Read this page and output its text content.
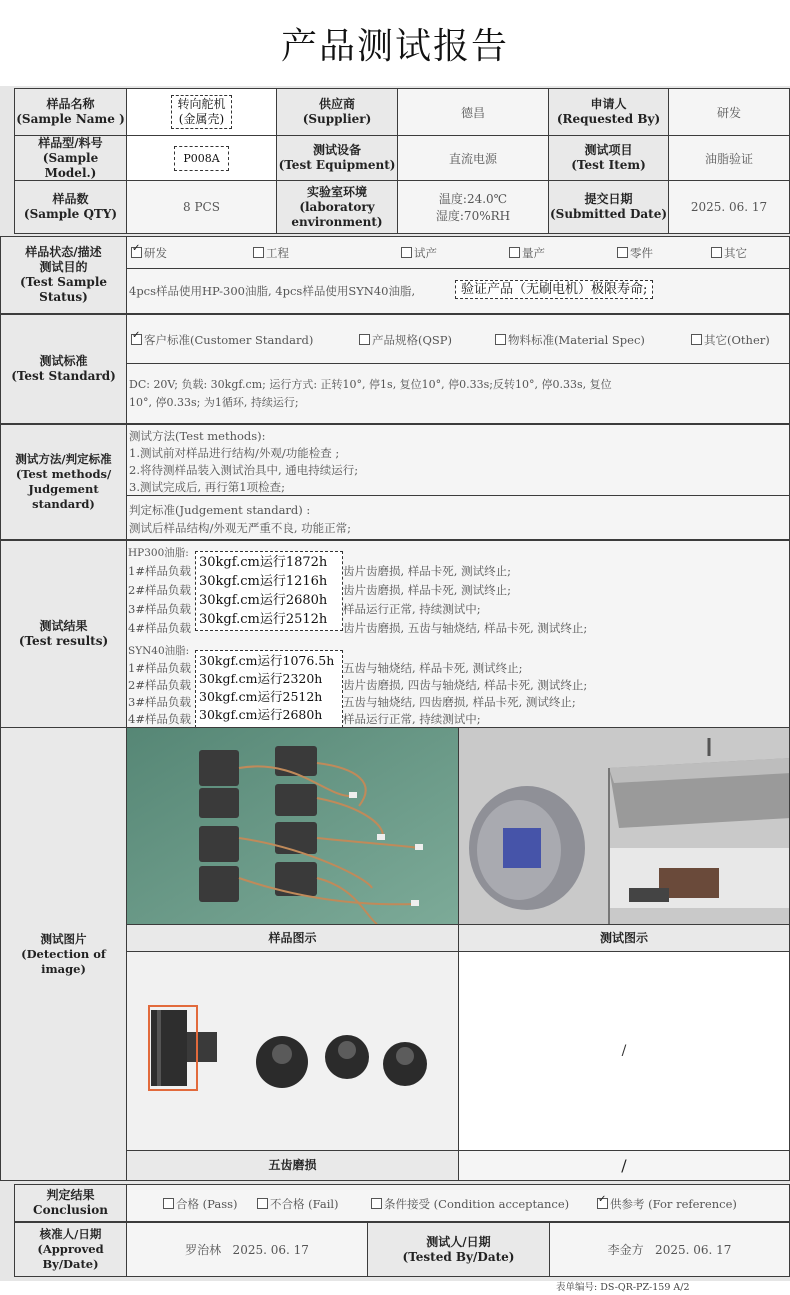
产品测试报告
样品名称
(Sample Name )
转向舵机
(金属壳)
供应商
(Supplier)	德昌
申请人
(Requested By)	研发
样品型/料号
(Sample Model.)
P008A
测试设备
(Test Equipment)	直流电源
测试项目
(Test Item)	油脂验证
样品数
(Sample QTY)	8 PCS
实验室环境
(laboratory
environment)
温度:24.0℃
湿度:70%RH
提交日期
(Submitted Date)	2025. 06. 17
样品状态/描述
测试目的
(Test Sample
Status)
✓研发	工程	试产	量产	零件	其它
4pcs样品使用HP-300油脂, 4pcs样品使用SYN40油脂,	验证产品（无刷电机）极限寿命;
测试标准
(Test Standard)
✓客户标准(Customer Standard)	产品规格(QSP)	物料标准(Material Spec)	其它(Other)
DC: 20V; 负载: 30kgf.cm; 运行方式: 正转10°, 停1s, 复位10°, 停0.33s;反转10°, 停0.33s, 复位
10°, 停0.33s; 为1循环, 持续运行;
测试方法/判定标准
(Test methods/
Judgement
standard)
测试方法(Test methods):
1.测试前对样品进行结构/外观/功能检查 ;
2.将待测样品装入测试治具中, 通电持续运行;
3.测试完成后, 再行第1项检查;
判定标准(Judgement standard) :
测试后样品结构/外观无严重不良, 功能正常;
测试结果
(Test results)
HP300油脂:
1#样品负载
2#样品负载
3#样品负载
4#样品负载
30kgf.cm运行1872h
30kgf.cm运行1216h
30kgf.cm运行2680h
30kgf.cm运行2512h
齿片齿磨损, 样品卡死, 测试终止;
齿片齿磨损, 样品卡死, 测试终止;
样品运行正常, 持续测试中;
齿片齿磨损, 五齿与轴烧结, 样品卡死, 测试终止;
SYN40油脂:
1#样品负载
2#样品负载
3#样品负载
4#样品负载
30kgf.cm运行1076.5h
30kgf.cm运行2320h
30kgf.cm运行2512h
30kgf.cm运行2680h
五齿与轴烧结, 样品卡死, 测试终止;
齿片齿磨损, 四齿与轴烧结, 样品卡死, 测试终止;
五齿与轴烧结, 四齿磨损, 样品卡死, 测试终止;
样品运行正常, 持续测试中;
测试图片
(Detection of
image)
样品图示	测试图示
/
五齿磨损	/
判定结果
Conclusion	合格 (Pass)	不合格 (Fail)	条件接受 (Condition acceptance)
✓	供参考 (For reference)
核准人/日期
(Approved
By/Date)
罗治林   2025. 06. 17
测试人/日期
(Tested By/Date)	李金方   2025. 06. 17
表单编号: DS-QR-PZ-159 A/2
